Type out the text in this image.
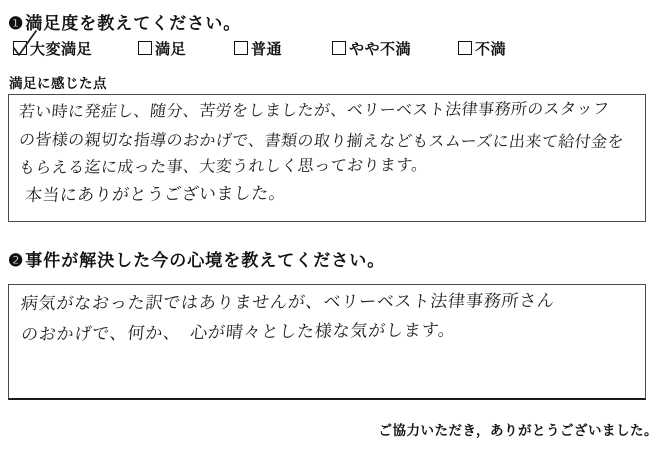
❶満足度を教えてください。
大変満足	満足	普通	やや不満	不満
満足に感じた点
若い時に発症し、随分、苦労をしましたが、ベリーベスト法律事務所のスタッフ
の皆様の親切な指導のおかげで、書類の取り揃えなどもスムーズに出来て給付金を
もらえる迄に成った事、大変うれしく思っております。
本当にありがとうございました。
❷事件が解決した今の心境を教えてください。
病気がなおった訳ではありませんが、ベリーベスト法律事務所さん
のおかげで、何か、　心が晴々とした様な気がします。
ご協力いただき，ありがとうございました。
